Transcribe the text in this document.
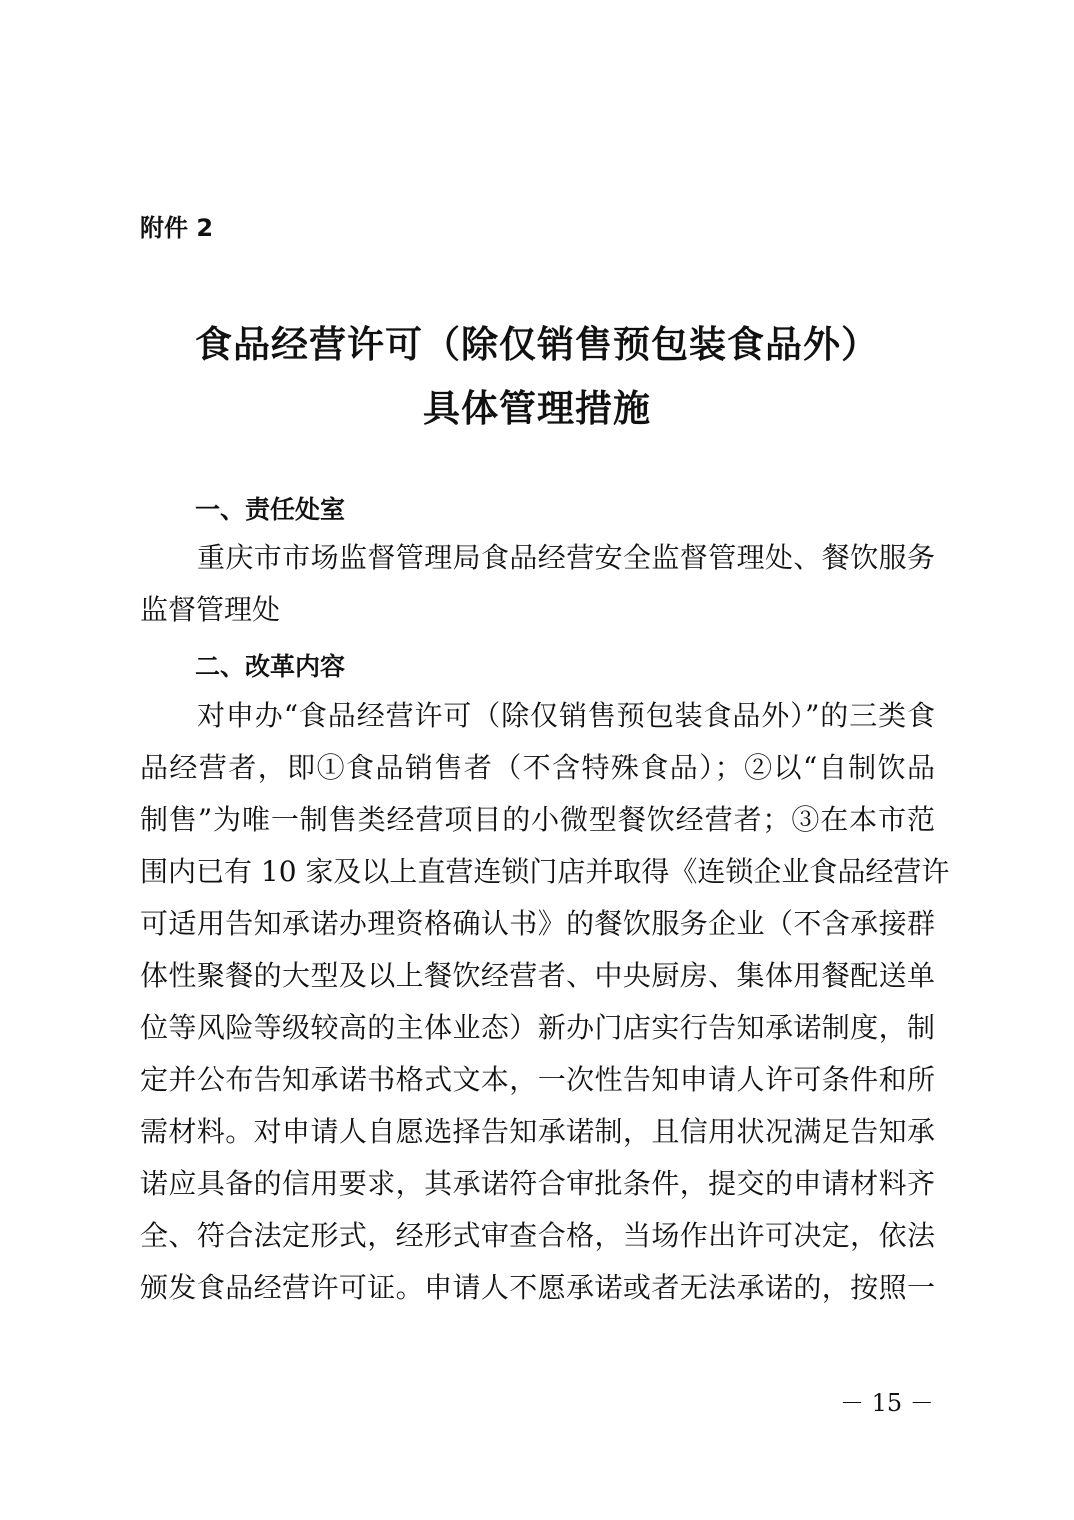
附件 2
食品经营许可（除仅销售预包装食品外）
具体管理措施
一、责任处室
重庆市市场监督管理局食品经营安全监督管理处、餐饮服务
监督管理处
二、改革内容
对申办“食品经营许可（除仅销售预包装食品外）”的三类食
品经营者，即①食品销售者（不含特殊食品）；②以“自制饮品
制售”为唯一制售类经营项目的小微型餐饮经营者；③在本市范
围内已有 10 家及以上直营连锁门店并取得《连锁企业食品经营许
可适用告知承诺办理资格确认书》的餐饮服务企业（不含承接群
体性聚餐的大型及以上餐饮经营者、中央厨房、集体用餐配送单
位等风险等级较高的主体业态）新办门店实行告知承诺制度，制
定并公布告知承诺书格式文本，一次性告知申请人许可条件和所
需材料。对申请人自愿选择告知承诺制，且信用状况满足告知承
诺应具备的信用要求，其承诺符合审批条件，提交的申请材料齐
全、符合法定形式，经形式审查合格，当场作出许可决定，依法
颁发食品经营许可证。申请人不愿承诺或者无法承诺的，按照一
－ 15 －
